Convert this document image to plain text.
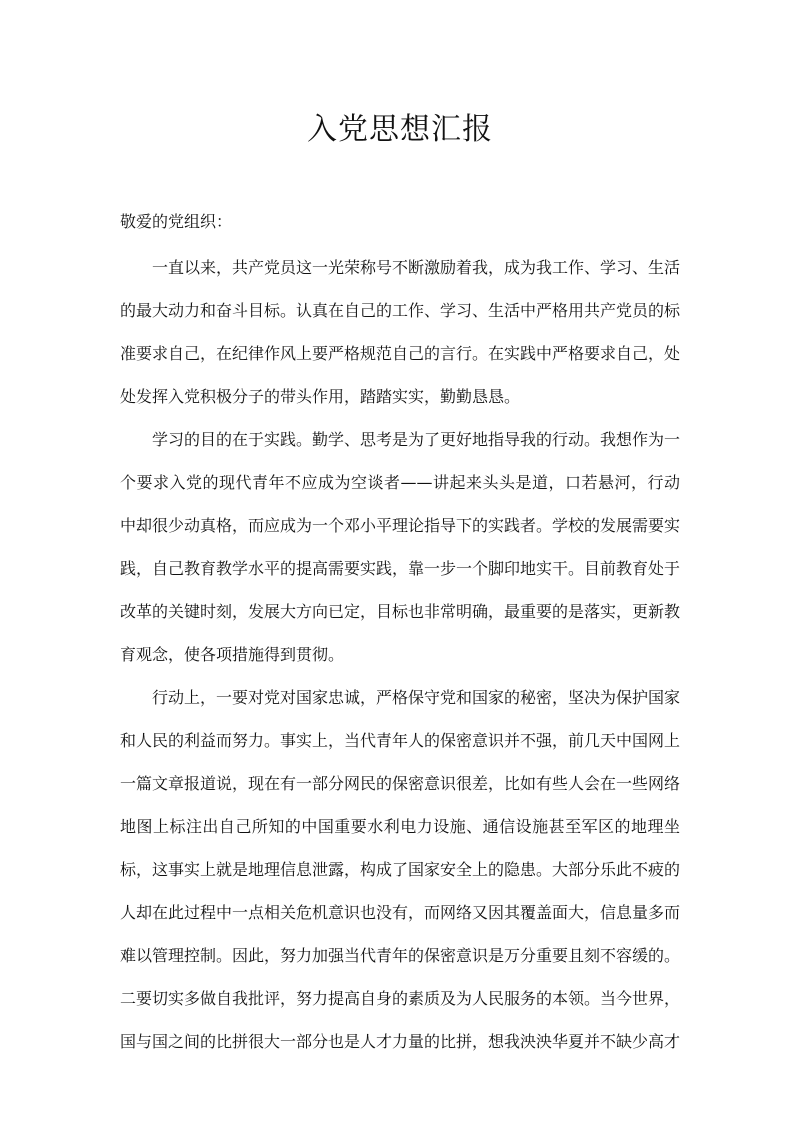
入党思想汇报

敬爱的党组织：

一直以来，共产党员这一光荣称号不断激励着我，成为我工作、学习、生活

的最大动力和奋斗目标。认真在自己的工作、学习、生活中严格用共产党员的标

准要求自己，在纪律作风上要严格规范自己的言行。在实践中严格要求自己，处

处发挥入党积极分子的带头作用，踏踏实实，勤勤恳恳。

学习的目的在于实践。勤学、思考是为了更好地指导我的行动。我想作为一

个要求入党的现代青年不应成为空谈者——讲起来头头是道，口若悬河，行动

中却很少动真格，而应成为一个邓小平理论指导下的实践者。学校的发展需要实

践，自己教育教学水平的提高需要实践，靠一步一个脚印地实干。目前教育处于

改革的关键时刻，发展大方向已定，目标也非常明确，最重要的是落实，更新教

育观念，使各项措施得到贯彻。

行动上，一要对党对国家忠诚，严格保守党和国家的秘密，坚决为保护国家

和人民的利益而努力。事实上，当代青年人的保密意识并不强，前几天中国网上

一篇文章报道说，现在有一部分网民的保密意识很差，比如有些人会在一些网络

地图上标注出自己所知的中国重要水利电力设施、通信设施甚至军区的地理坐

标，这事实上就是地理信息泄露，构成了国家安全上的隐患。大部分乐此不疲的

人却在此过程中一点相关危机意识也没有，而网络又因其覆盖面大，信息量多而

难以管理控制。因此，努力加强当代青年的保密意识是万分重要且刻不容缓的。

二要切实多做自我批评，努力提高自身的素质及为人民服务的本领。当今世界，

国与国之间的比拼很大一部分也是人才力量的比拼，想我泱泱华夏并不缺少高才
